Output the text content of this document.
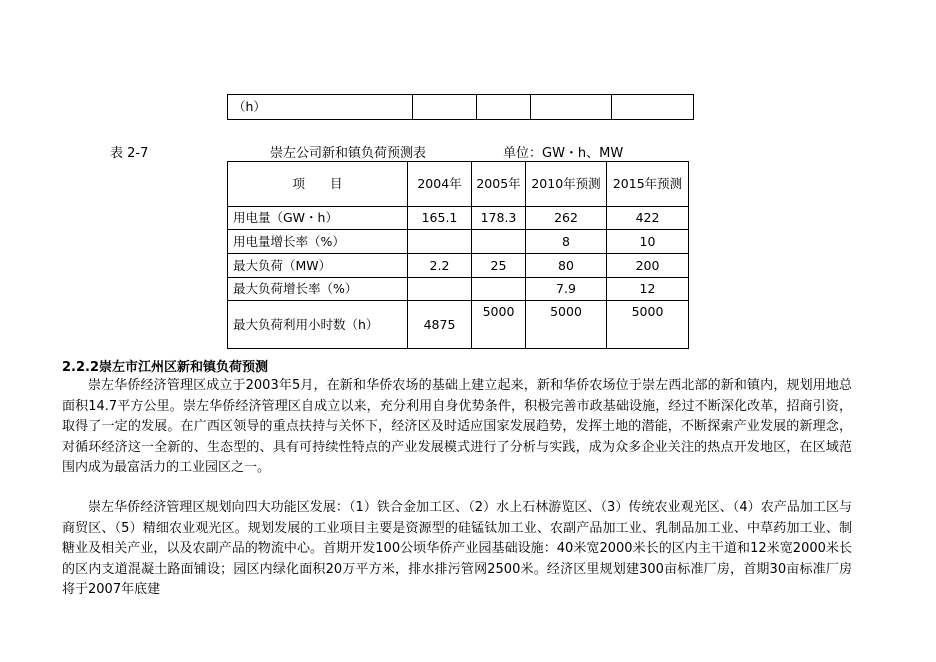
（h）				
表 2-7	崇左公司新和镇负荷预测表	单位：GW・h、MW
项　　目	2004年	2005年	2010年预测	2015年预测
用电量（GW・h）	165.1	178.3	262	422
用电量增长率（%）			8	10
最大负荷（MW）	2.2	25	80	200
最大负荷增长率（%）			7.9	12
最大负荷利用小时数（h）	4875	5000	5000	5000
2.2.2崇左市江州区新和镇负荷预测
崇左华侨经济管理区成立于2003年5月，在新和华侨农场的基础上建立起来，新和华侨农场位于崇左西北部的新和镇内，规划用地总面积14.7平方公里。崇左华侨经济管理区自成立以来，充分利用自身优势条件，积极完善市政基础设施，经过不断深化改革，招商引资，取得了一定的发展。在广西区领导的重点扶持与关怀下，经济区及时适应国家发展趋势，发挥土地的潜能，不断探索产业发展的新理念，对循环经济这一全新的、生态型的、具有可持续性特点的产业发展模式进行了分析与实践，成为众多企业关注的热点开发地区，在区域范围内成为最富活力的工业园区之一。
崇左华侨经济管理区规划向四大功能区发展：（1）铁合金加工区、（2）水上石林游览区、（3）传统农业观光区、（4）农产品加工区与商贸区、（5）精细农业观光区。规划发展的工业项目主要是资源型的硅锰钛加工业、农副产品加工业、乳制品加工业、中草药加工业、制糖业及相关产业，以及农副产品的物流中心。首期开发100公顷华侨产业园基础设施：40米宽2000米长的区内主干道和12米宽2000米长的区内支道混凝土路面铺设；园区内绿化面积20万平方米，排水排污管网2500米。经济区里规划建300亩标准厂房，首期30亩标准厂房将于2007年底建
